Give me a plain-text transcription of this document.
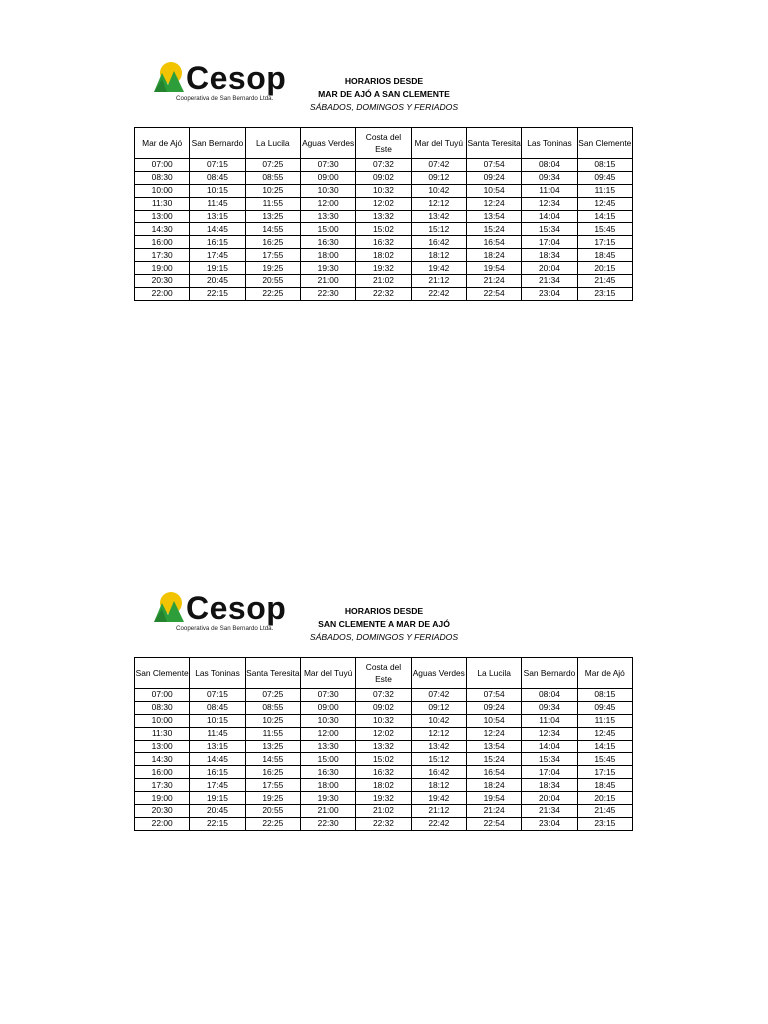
Cesop
Cooperativa de San Bernardo Ltda.
HORARIOS DESDE
MAR DE AJÓ A SAN CLEMENTE
SÁBADOS, DOMINGOS Y FERIADOS
Mar de Ajó	San Bernardo	La Lucila	Aguas Verdes	Costa del Este	Mar del Tuyú	Santa Teresita	Las Toninas	San Clemente
07:00	07:15	07:25	07:30	07:32	07:42	07:54	08:04	08:15
08:30	08:45	08:55	09:00	09:02	09:12	09:24	09:34	09:45
10:00	10:15	10:25	10:30	10:32	10:42	10:54	11:04	11:15
11:30	11:45	11:55	12:00	12:02	12:12	12:24	12:34	12:45
13:00	13:15	13:25	13:30	13:32	13:42	13:54	14:04	14:15
14:30	14:45	14:55	15:00	15:02	15:12	15:24	15:34	15:45
16:00	16:15	16:25	16:30	16:32	16:42	16:54	17:04	17:15
17:30	17:45	17:55	18:00	18:02	18:12	18:24	18:34	18:45
19:00	19:15	19:25	19:30	19:32	19:42	19:54	20:04	20:15
20:30	20:45	20:55	21:00	21:02	21:12	21:24	21:34	21:45
22:00	22:15	22:25	22:30	22:32	22:42	22:54	23:04	23:15
Cesop
Cooperativa de San Bernardo Ltda.
HORARIOS DESDE
SAN CLEMENTE A MAR DE AJÓ
SÁBADOS, DOMINGOS Y FERIADOS
San Clemente	Las Toninas	Santa Teresita	Mar del Tuyú	Costa del Este	Aguas Verdes	La Lucila	San Bernardo	Mar de Ajó
07:00	07:15	07:25	07:30	07:32	07:42	07:54	08:04	08:15
08:30	08:45	08:55	09:00	09:02	09:12	09:24	09:34	09:45
10:00	10:15	10:25	10:30	10:32	10:42	10:54	11:04	11:15
11:30	11:45	11:55	12:00	12:02	12:12	12:24	12:34	12:45
13:00	13:15	13:25	13:30	13:32	13:42	13:54	14:04	14:15
14:30	14:45	14:55	15:00	15:02	15:12	15:24	15:34	15:45
16:00	16:15	16:25	16:30	16:32	16:42	16:54	17:04	17:15
17:30	17:45	17:55	18:00	18:02	18:12	18:24	18:34	18:45
19:00	19:15	19:25	19:30	19:32	19:42	19:54	20:04	20:15
20:30	20:45	20:55	21:00	21:02	21:12	21:24	21:34	21:45
22:00	22:15	22:25	22:30	22:32	22:42	22:54	23:04	23:15
